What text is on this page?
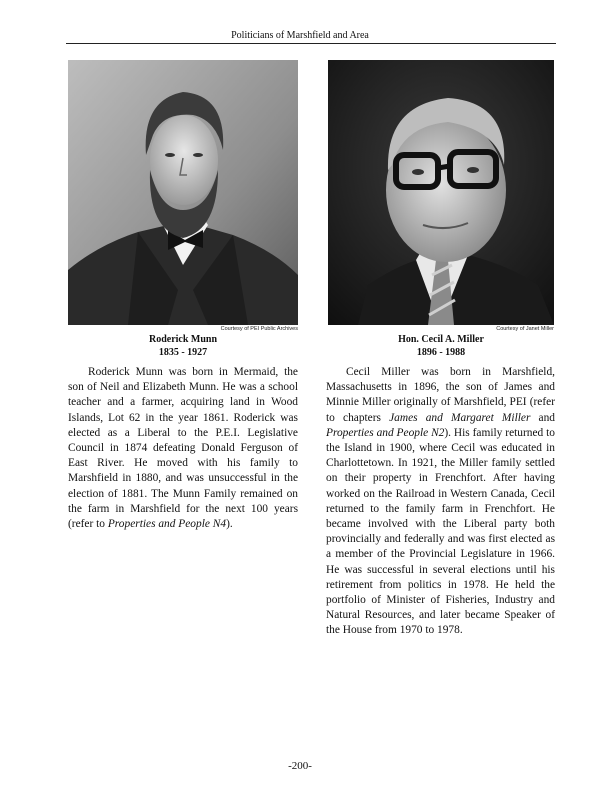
Politicians of Marshfield and Area
Courtesy of PEI Public Archives
Roderick Munn
1835 - 1927
Courtesy of Janet Miller
Hon. Cecil A. Miller
1896 - 1988
Roderick Munn was born in Mermaid, the son of Neil and Elizabeth Munn. He was a school teacher and a farmer, acquiring land in Wood Islands, Lot 62 in the year 1861. Roderick was elected as a Liberal to the P.E.I. Legislative Council in 1874 defeating Donald Ferguson of East River. He moved with his family to Marshfield in 1880, and was unsuccessful in the election of 1881. The Munn Family remained on the farm in Marshfield for the next 100 years (refer to Properties and People N4).
Cecil Miller was born in Marshfield, Massachusetts in 1896, the son of James and Minnie Miller originally of Marshfield, PEI (refer to chapters James and Margaret Miller and Properties and People N2). His family returned to the Island in 1900, where Cecil was educated in Charlottetown. In 1921, the Miller family settled on their property in Frenchfort. After having worked on the Railroad in Western Canada, Cecil returned to the family farm in Frenchfort. He became involved with the Liberal party both provincially and federally and was first elected as a member of the Provincial Legislature in 1966. He was successful in several elections until his retirement from politics in 1978. He held the portfolio of Minister of Fisheries, Industry and Natural Resources, and later became Speaker of the House from 1970 to 1978.
-200-
